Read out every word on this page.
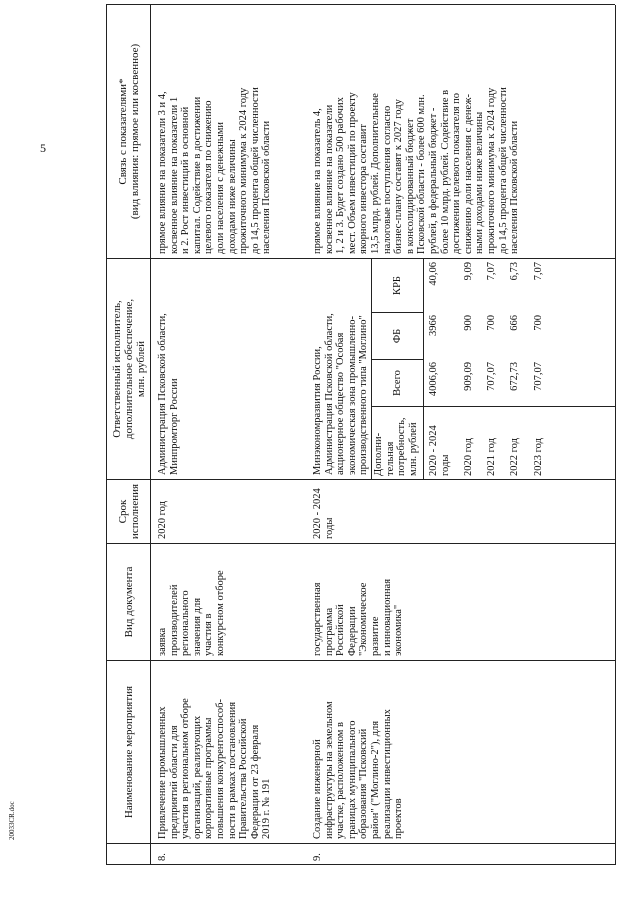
5
20033CR.doc
Наименование мероприятия
Вид документа
Срок
исполнения
Ответственный исполнитель,
дополнительное обеспечение,
млн. рублей
Связь с показателями*
(вид влияния: прямое или косвенное)
8.
Привлечение промышленных
предприятий области для
участия в региональном отборе
организаций, реализующих
корпоративные программы
повышения конкурентоспособ-
ности в рамках постановления
Правительства Российской
Федерации от 23 февраля
2019 г. № 191
заявка
производителей
регионального
значения для
участия в
конкурсном отборе
2020 год
Администрация Псковской области,
Минпромторг России
прямое влияние на показатели 3 и 4,
косвенное влияние на показатели 1
и 2. Рост инвестиций в основной
капитал. Содействие в достижении
целевого показателя по снижению
доли населения с денежными
доходами ниже величины
прожиточного минимума к 2024 году
до 14,5 процента общей численности
населения Псковской области
9.
Создание инженерной
инфраструктуры на земельном
участке, расположенном в
границах муниципального
образования "Псковский
район" ("Моглино-2"), для
реализации инвестиционных
проектов
государственная
программа
Российской
Федерации
"Экономическое
развитие
и инновационная
экономика"
2020 - 2024
годы
Минэкономразвития России,
Администрация Псковской области,
акционерное общество "Особая
экономическая зона промышленно-
производственного типа "Моглино"
прямое влияние на показатель 4,
косвенное влияние на показатели
1, 2 и 3. Будет создано 500 рабочих
мест. Объем инвестиций по проекту
якорного инвестора составит
13,5 млрд. рублей. Дополнительные
налоговые поступления согласно
бизнес-плану составят к 2027 году
в консолидированный бюджет
Псковской области - более 600 млн.
рублей, в федеральный бюджет -
более 10 млрд. рублей. Содействие в
достижении целевого показателя по
снижению доли населения с денеж-
ными доходами ниже величины
прожиточного минимума к 2024 году
до 14,5 процента общей численности
населения Псковской области
Дополни-
тельная
потребность,
млн. рублей
Всего
ФБ
КРБ
2020 - 2024
годы
4006,06
3966
40,06
2020 год
909,09
900
9,09
2021 год
707,07
700
7,07
2022 год
672,73
666
6,73
2023 год
707,07
700
7,07
